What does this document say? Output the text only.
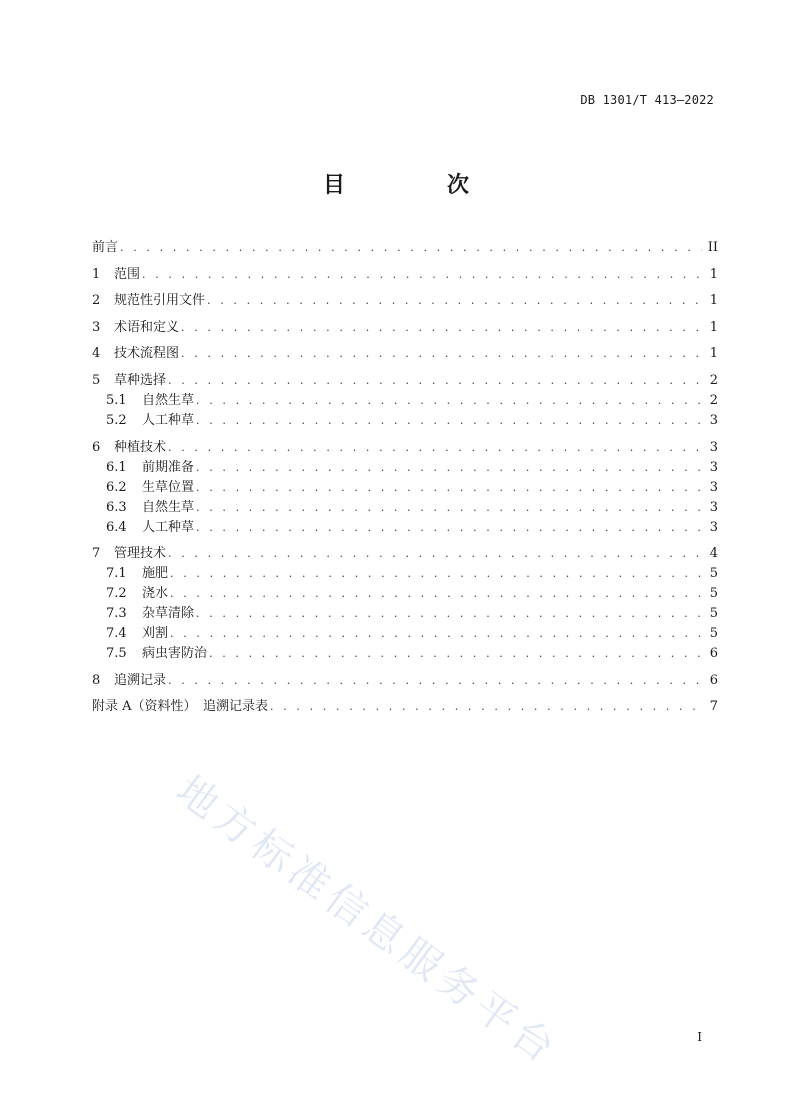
DB 1301/T 413—2022
目　次
前言 . . .	II
1	范围 . . .	1
2	规范性引用文件 . . .	1
3	术语和定义 . . .	1
4	技术流程图 . . .	1
5	草种选择 . . .	2
5.1	自然生草 . . .	2
5.2	人工种草 . . .	3
6	种植技术 . . .	3
6.1	前期准备 . . .	3
6.2	生草位置 . . .	3
6.3	自然生草 . . .	3
6.4	人工种草 . . .	3
7	管理技术 . . .	4
7.1	施肥 . . .	5
7.2	浇水 . . .	5
7.3	杂草清除 . . .	5
7.4	刈割 . . .	5
7.5	病虫害防治 . . .	6
8	追溯记录 . . .	6
附录 A（资料性）　追溯记录表 . . .	7
地方标准信息服务平台	I
